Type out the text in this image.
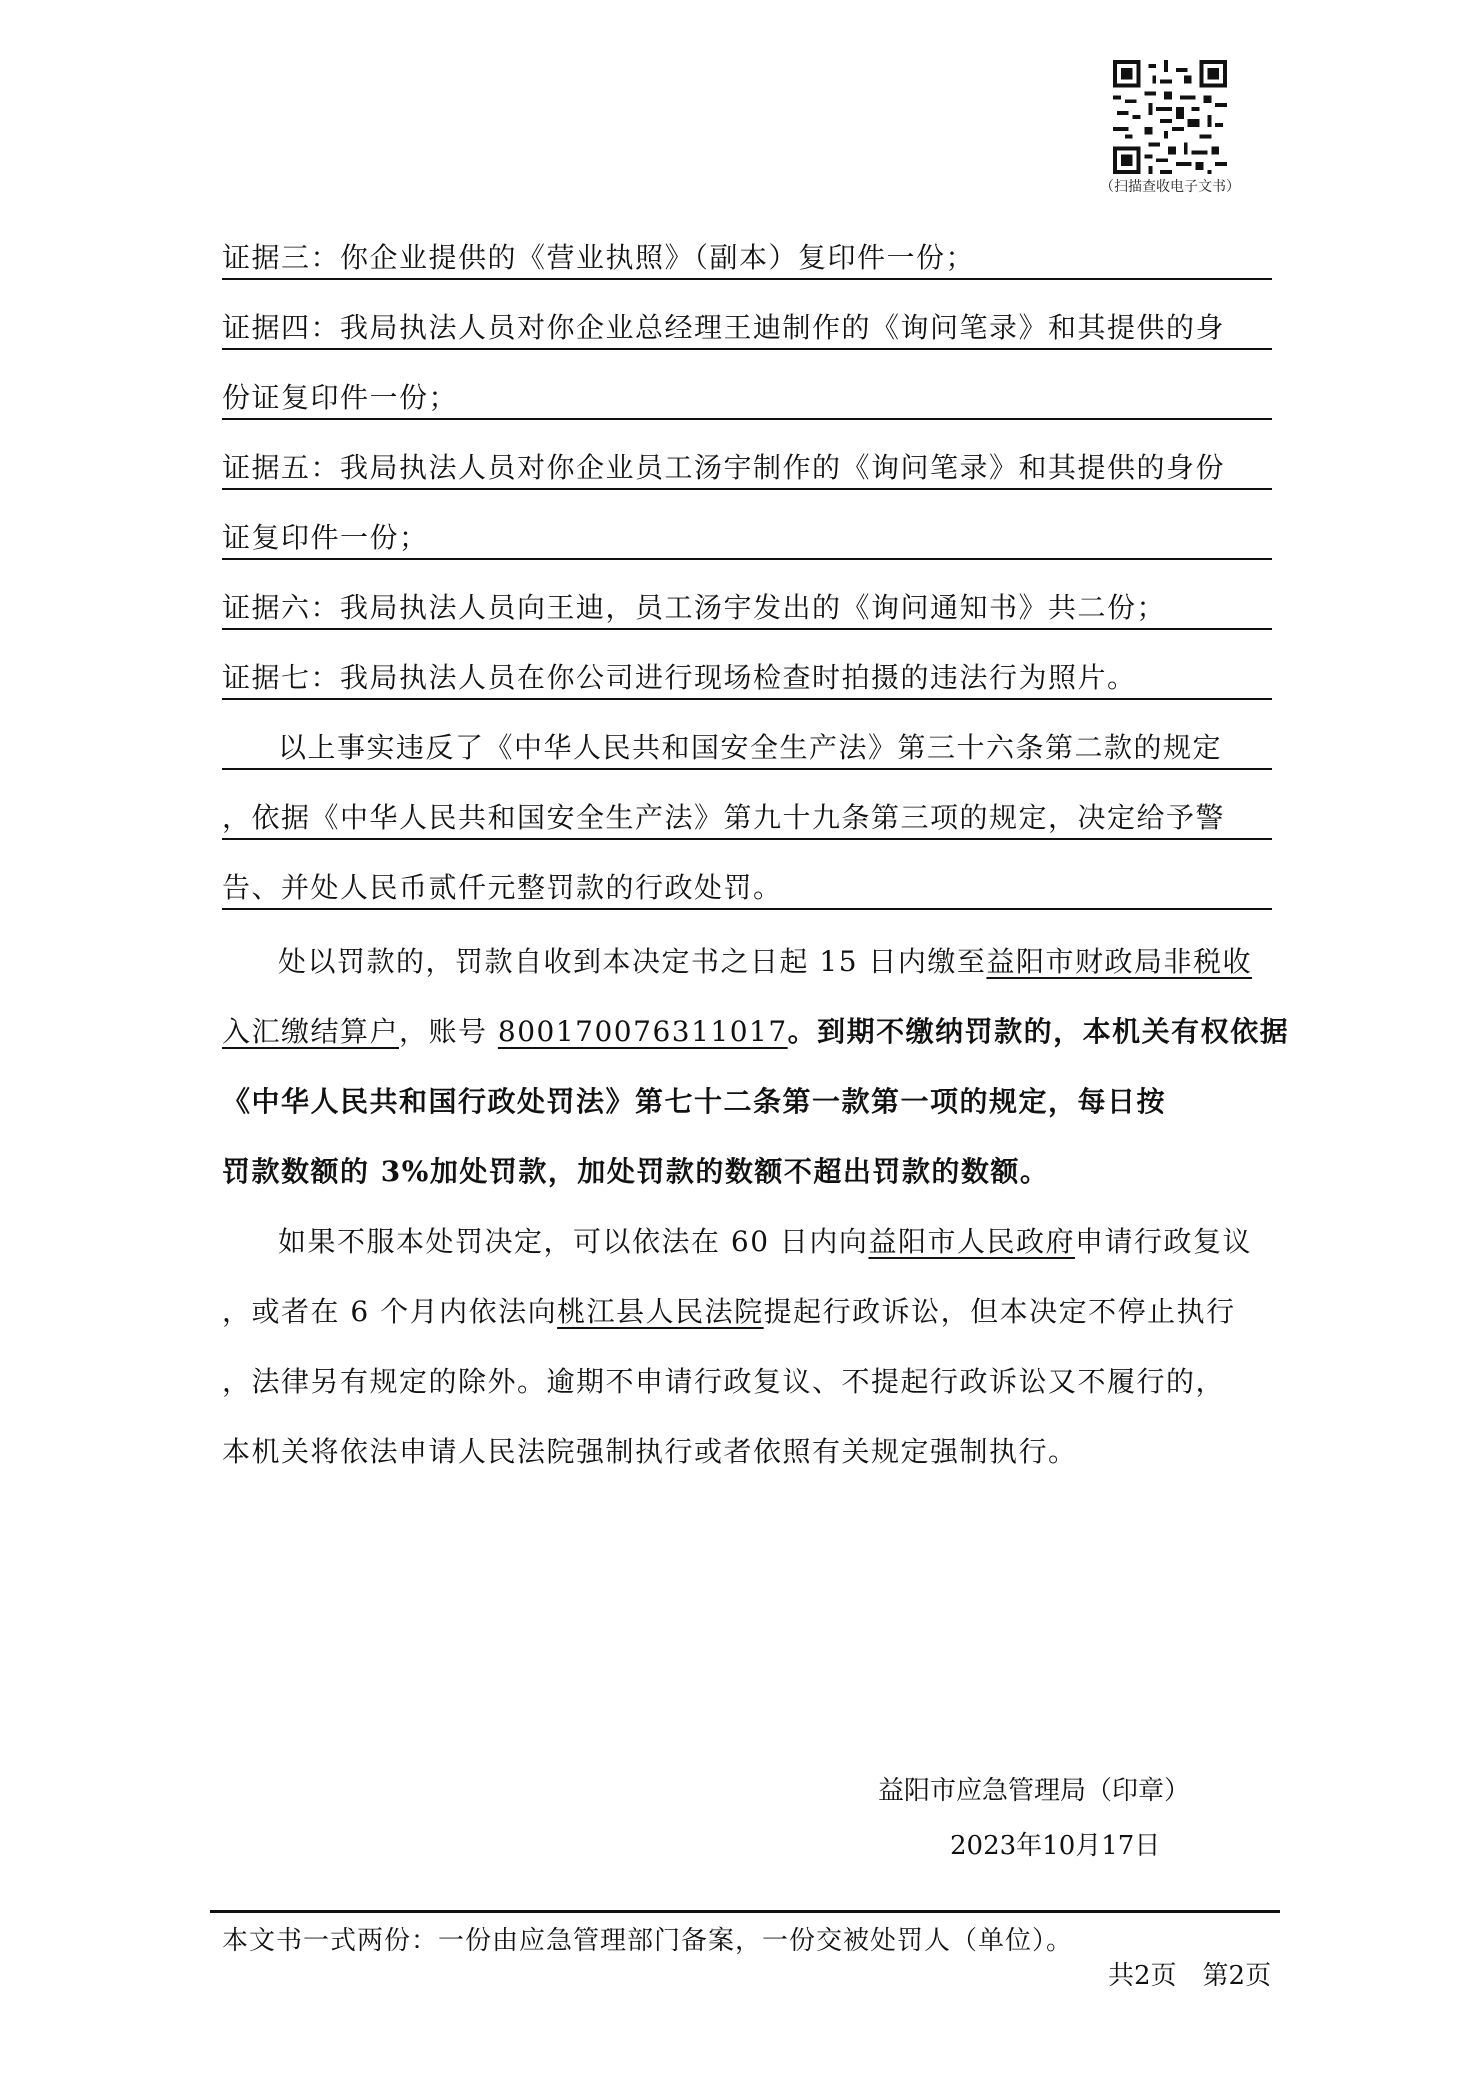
（扫描查收电子文书）
证据三：你企业提供的《营业执照》（副本）复印件一份；
证据四：我局执法人员对你企业总经理王迪制作的《询问笔录》和其提供的身
份证复印件一份；
证据五：我局执法人员对你企业员工汤宇制作的《询问笔录》和其提供的身份
证复印件一份；
证据六：我局执法人员向王迪，员工汤宇发出的《询问通知书》共二份；
证据七：我局执法人员在你公司进行现场检查时拍摄的违法行为照片。
以上事实违反了《中华人民共和国安全生产法》第三十六条第二款的规定
，依据《中华人民共和国安全生产法》第九十九条第三项的规定，决定给予警
告、并处人民币贰仟元整罚款的行政处罚。
处以罚款的，罚款自收到本决定书之日起 15 日内缴至益阳市财政局非税收
入汇缴结算户，账号 800170076311017。到期不缴纳罚款的，本机关有权依据
《中华人民共和国行政处罚法》第七十二条第一款第一项的规定，每日按
罚款数额的 3%加处罚款，加处罚款的数额不超出罚款的数额。
如果不服本处罚决定，可以依法在 60 日内向益阳市人民政府申请行政复议
，或者在 6 个月内依法向桃江县人民法院提起行政诉讼，但本决定不停止执行
，法律另有规定的除外。逾期不申请行政复议、不提起行政诉讼又不履行的，
本机关将依法申请人民法院强制执行或者依照有关规定强制执行。
益阳市应急管理局（印章）
2023年10月17日
本文书一式两份：一份由应急管理部门备案，一份交被处罚人（单位）。
共2页　第2页
